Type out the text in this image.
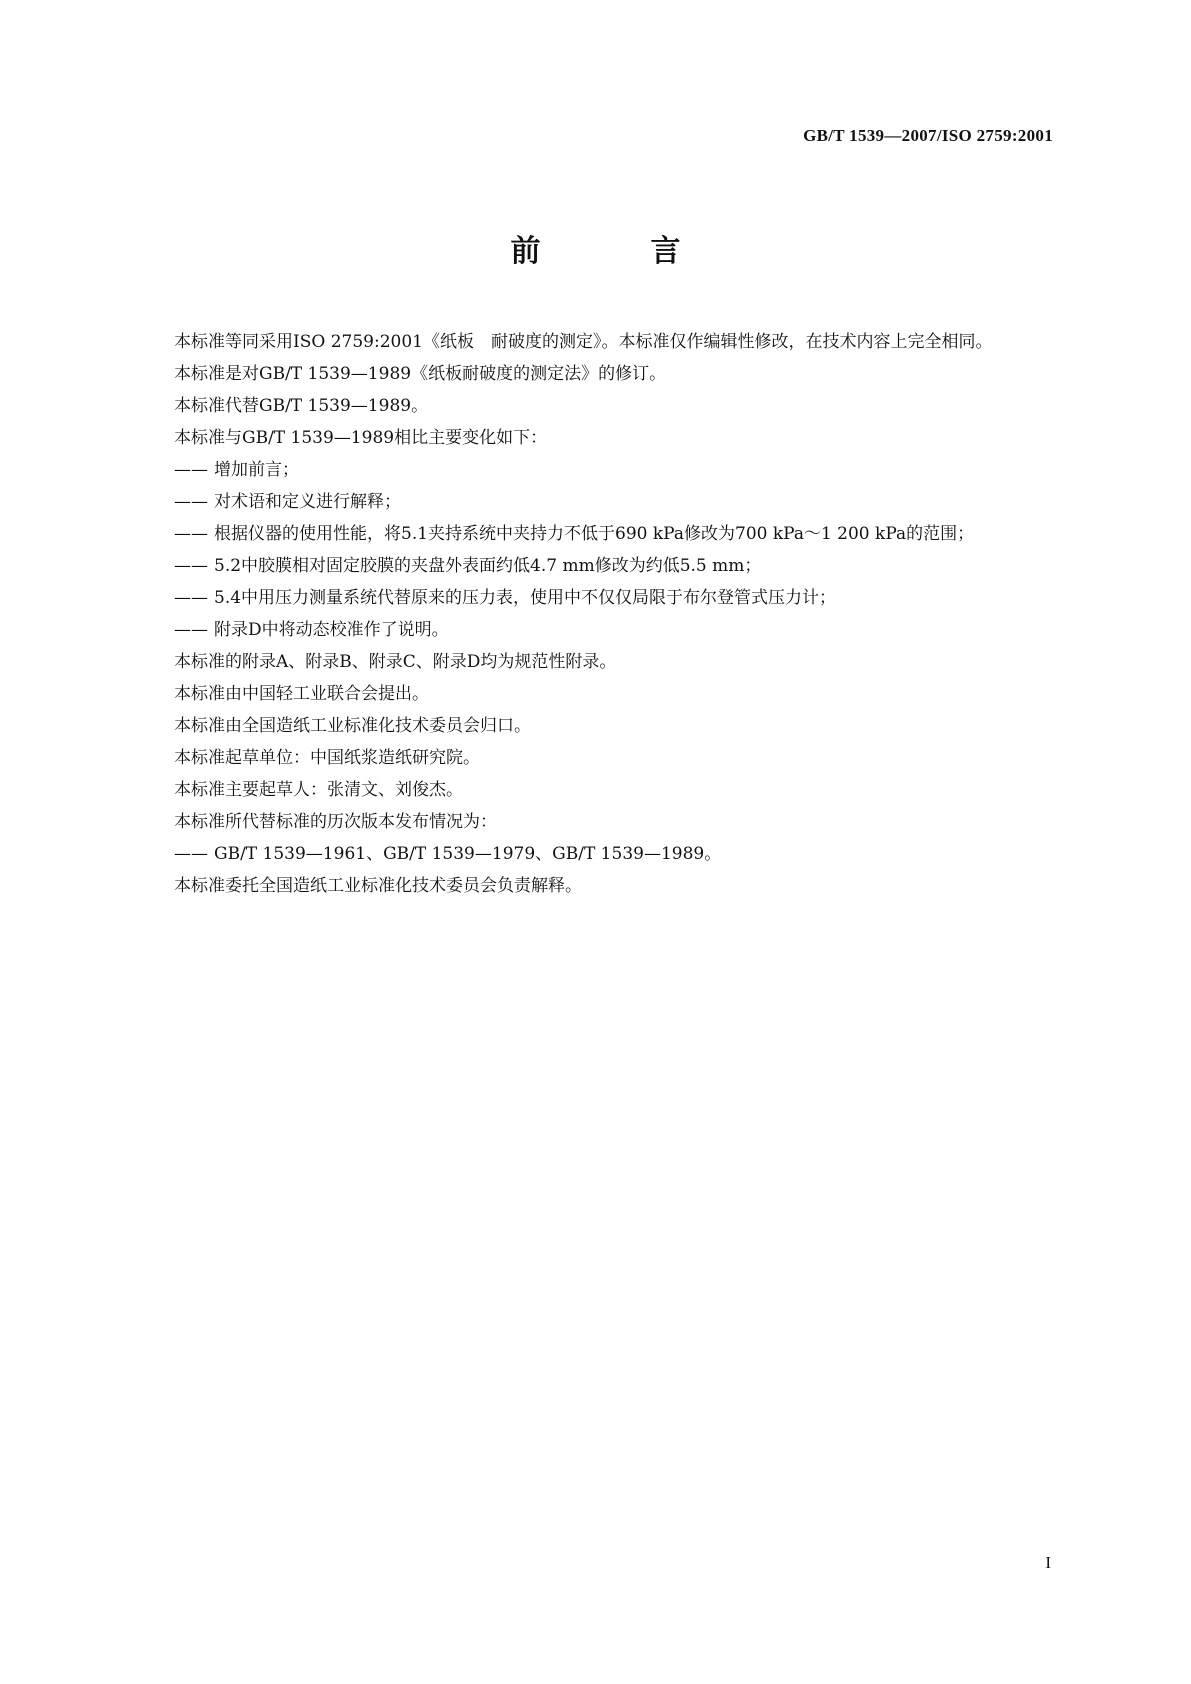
GB/T 1539—2007/ISO 2759:2001
前　言

本标准等同采用ISO 2759:2001《纸板　耐破度的测定》。本标准仅作编辑性修改，在技术内容上完全相同。

本标准是对GB/T 1539—1989《纸板耐破度的测定法》的修订。

本标准代替GB/T 1539—1989。

本标准与GB/T 1539—1989相比主要变化如下：

—— 增加前言；

—— 对术语和定义进行解释；

—— 根据仪器的使用性能，将5.1夹持系统中夹持力不低于690 kPa修改为700 kPa～1 200 kPa的范围；

—— 5.2中胶膜相对固定胶膜的夹盘外表面约低4.7 mm修改为约低5.5 mm；

—— 5.4中用压力测量系统代替原来的压力表，使用中不仅仅局限于布尔登管式压力计；

—— 附录D中将动态校准作了说明。

本标准的附录A、附录B、附录C、附录D均为规范性附录。

本标准由中国轻工业联合会提出。

本标准由全国造纸工业标准化技术委员会归口。

本标准起草单位：中国纸浆造纸研究院。

本标准主要起草人：张清文、刘俊杰。

本标准所代替标准的历次版本发布情况为：

—— GB/T 1539—1961、GB/T 1539—1979、GB/T 1539—1989。

本标准委托全国造纸工业标准化技术委员会负责解释。

I
